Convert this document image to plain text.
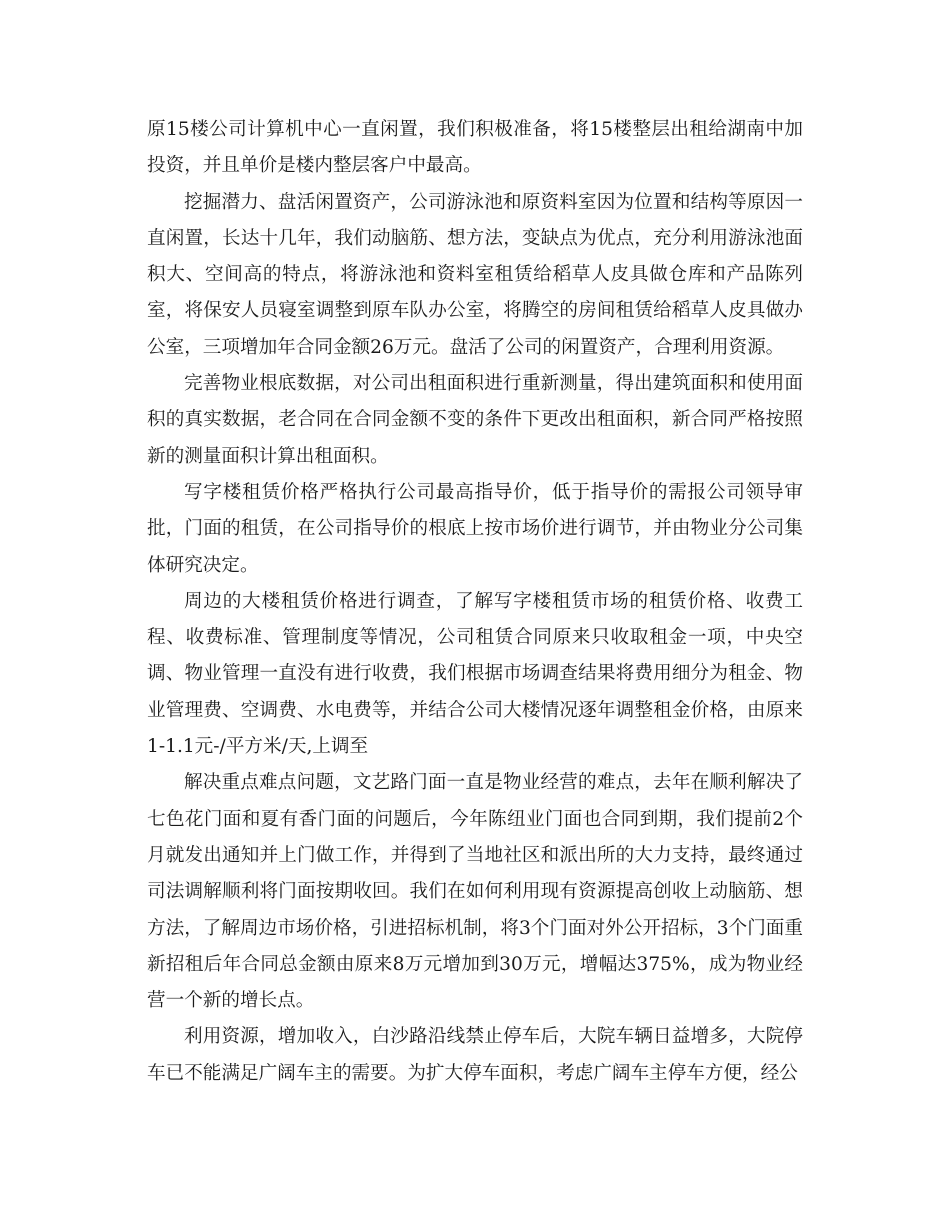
原15楼公司计算机中心一直闲置，我们积极准备，将15楼整层出租给湖南中加投资，并且单价是楼内整层客户中最高。

挖掘潜力、盘活闲置资产，公司游泳池和原资料室因为位置和结构等原因一直闲置，长达十几年，我们动脑筋、想方法，变缺点为优点，充分利用游泳池面积大、空间高的特点，将游泳池和资料室租赁给稻草人皮具做仓库和产品陈列室，将保安人员寝室调整到原车队办公室，将腾空的房间租赁给稻草人皮具做办公室，三项增加年合同金额26万元。盘活了公司的闲置资产，合理利用资源。

完善物业根底数据，对公司出租面积进行重新测量，得出建筑面积和使用面积的真实数据，老合同在合同金额不变的条件下更改出租面积，新合同严格按照新的测量面积计算出租面积。

写字楼租赁价格严格执行公司最高指导价，低于指导价的需报公司领导审批，门面的租赁，在公司指导价的根底上按市场价进行调节，并由物业分公司集体研究决定。

周边的大楼租赁价格进行调查，了解写字楼租赁市场的租赁价格、收费工程、收费标准、管理制度等情况，公司租赁合同原来只收取租金一项，中央空调、物业管理一直没有进行收费，我们根据市场调查结果将费用细分为租金、物业管理费、空调费、水电费等，并结合公司大楼情况逐年调整租金价格，由原来1-1.1元-/平方米/天,上调至

解决重点难点问题，文艺路门面一直是物业经营的难点，去年在顺利解决了七色花门面和夏有香门面的问题后，今年陈纽业门面也合同到期，我们提前2个月就发出通知并上门做工作，并得到了当地社区和派出所的大力支持，最终通过司法调解顺利将门面按期收回。我们在如何利用现有资源提高创收上动脑筋、想方法，了解周边市场价格，引进招标机制，将3个门面对外公开招标，3个门面重新招租后年合同总金额由原来8万元增加到30万元，增幅达375%，成为物业经营一个新的增长点。

利用资源，增加收入，白沙路沿线禁止停车后，大院车辆日益增多，大院停车已不能满足广阔车主的需要。为扩大停车面积，考虑广阔车主停车方便，经公
